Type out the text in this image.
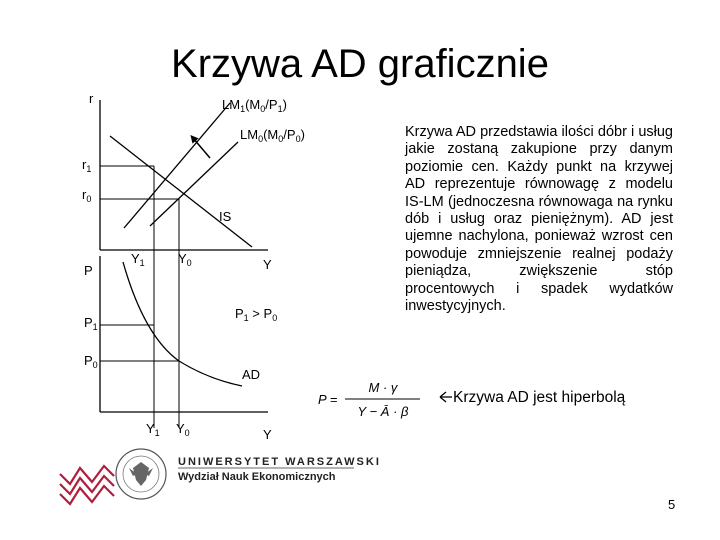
Krzywa AD graficznie
r
Y
$LM_1(M_0/P_1)$
$LM_0(M_0/P_0)$
IS
$r_1$
$r_0$
$Y_1$	$Y_0$
P
Y
$P_1$
$P_0$
$P_1 > P_0$
AD
$Y_1$ $Y_0$
P =
M · γ
Y − Ā · β
Krzywa AD przedstawia ilości dóbr i usług jakie zostaną zakupione przy danym poziomie cen. Każdy punkt na krzywej AD reprezentuje równowagę z modelu IS-LM (jednoczesna równowaga na rynku dób i usług oraz pieniężnym). AD jest ujemne nachylona, ponieważ wzrost cen powoduje zmniejszenie realnej podaży pieniądza, zwiększenie stóp procentowych i spadek wydatków inwestycyjnych.
Krzywa AD jest hiperbolą
UNIWERSYTET WARSZAWSKI
Wydział Nauk Ekonomicznych
5
